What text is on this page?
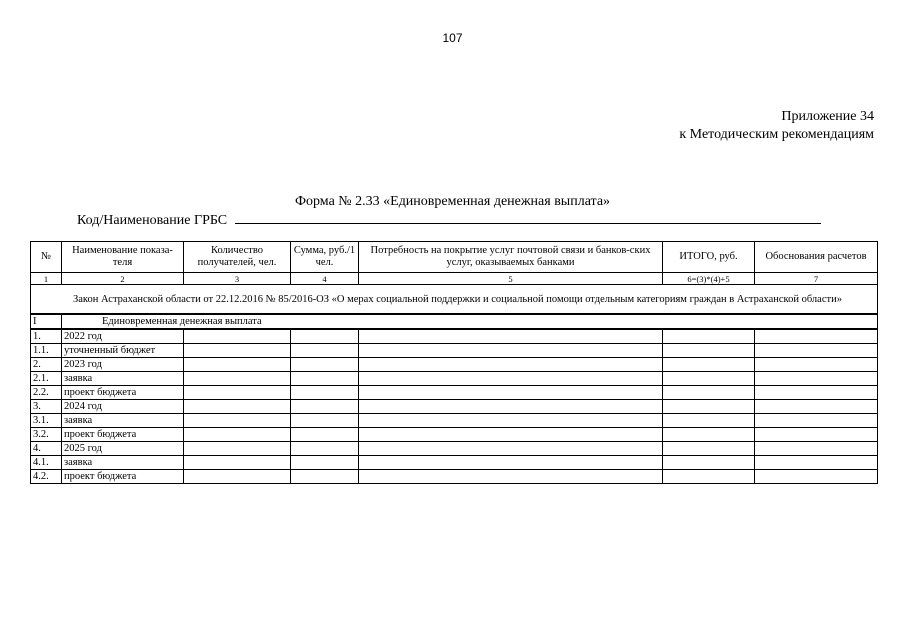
107
Приложение 34
к Методическим рекомендациям
Форма № 2.33 «Единовременная денежная выплата»
Код/Наименование ГРБС
№	Наименование показа-теля	Количество получателей, чел.	Сумма, руб./1 чел.	Потребность на покрытие услуг почтовой связи и банков-ских услуг, оказываемых банками	ИТОГО, руб.	Обоснования расчетов
1	2	3	4	5	6=(3)*(4)+5	7
Закон Астраханской области от 22.12.2016 № 85/2016-ОЗ «О мерах социальной поддержки и социальной помощи отдельным категориям граждан в Астраханской области»						
I	Единовременная денежная выплата					
1.	2022 год					
1.1.	уточненный бюджет					
2.	2023 год					
2.1.	заявка					
2.2.	проект бюджета					
3.	2024 год					
3.1.	заявка					
3.2.	проект бюджета					
4.	2025 год					
4.1.	заявка					
4.2.	проект бюджета					
